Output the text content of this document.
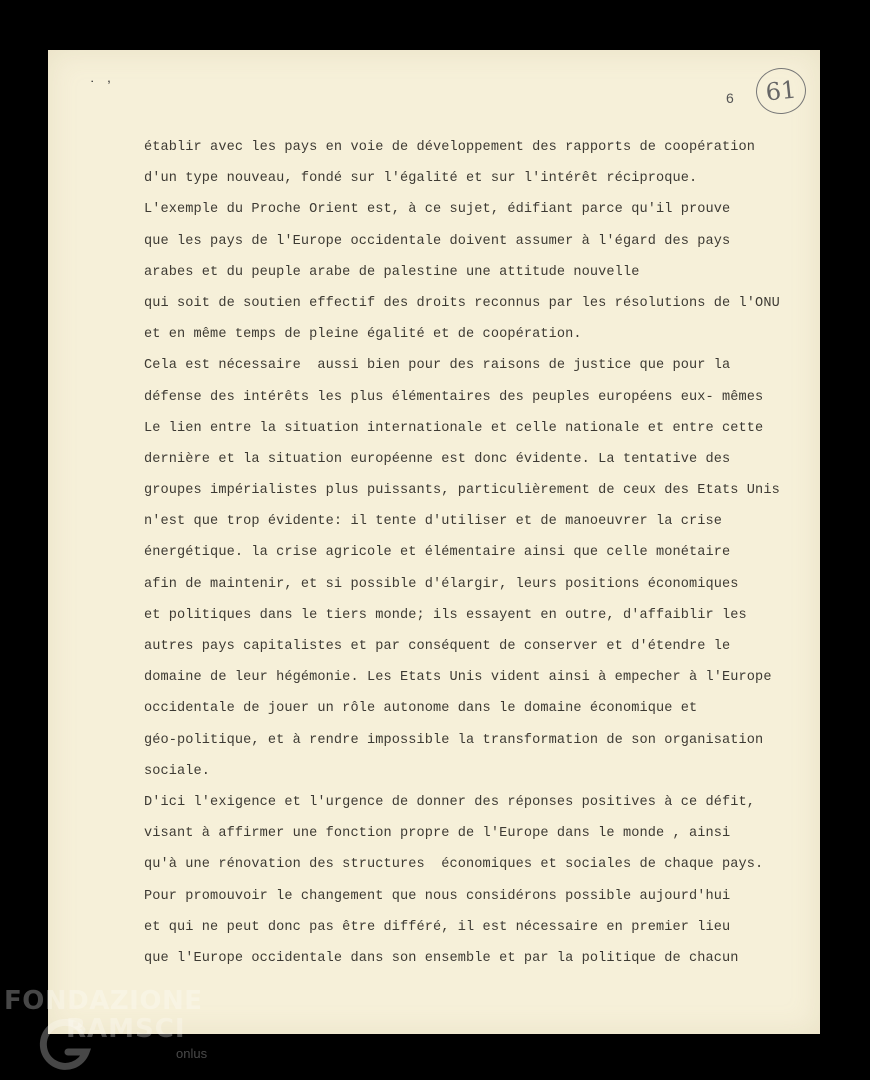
˙ ʼ
6	61
établir avec les pays en voie de développement des rapports de coopération
d'un type nouveau, fondé sur l'égalité et sur l'intérêt réciproque.
L'exemple du Proche Orient est, à ce sujet, édifiant parce qu'il prouve
que les pays de l'Europe occidentale doivent assumer à l'égard des pays
arabes et du peuple arabe de palestine une attitude nouvelle
qui soit de soutien effectif des droits reconnus par les résolutions de l'ONU
et en même temps de pleine égalité et de coopération.
Cela est nécessaire  aussi bien pour des raisons de justice que pour la
défense des intérêts les plus élémentaires des peuples européens eux- mêmes
Le lien entre la situation internationale et celle nationale et entre cette
dernière et la situation européenne est donc évidente. La tentative des
groupes impérialistes plus puissants, particulièrement de ceux des Etats Unis
n'est que trop évidente: il tente d'utiliser et de manoeuvrer la crise
énergétique. la crise agricole et élémentaire ainsi que celle monétaire
afin de maintenir, et si possible d'élargir, leurs positions économiques
et politiques dans le tiers monde; ils essayent en outre, d'affaiblir les
autres pays capitalistes et par conséquent de conserver et d'étendre le
domaine de leur hégémonie. Les Etats Unis vident ainsi à empecher à l'Europe
occidentale de jouer un rôle autonome dans le domaine économique et
géo-politique, et à rendre impossible la transformation de son organisation
sociale.
D'ici l'exigence et l'urgence de donner des réponses positives à ce défit,
visant à affirmer une fonction propre de l'Europe dans le monde , ainsi
qu'à une rénovation des structures  économiques et sociales de chaque pays.
Pour promouvoir le changement que nous considérons possible aujourd'hui
et qui ne peut donc pas être différé, il est nécessaire en premier lieu
que l'Europe occidentale dans son ensemble et par la politique de chacun
FONDAZIONE
RAMSCI
onlus
